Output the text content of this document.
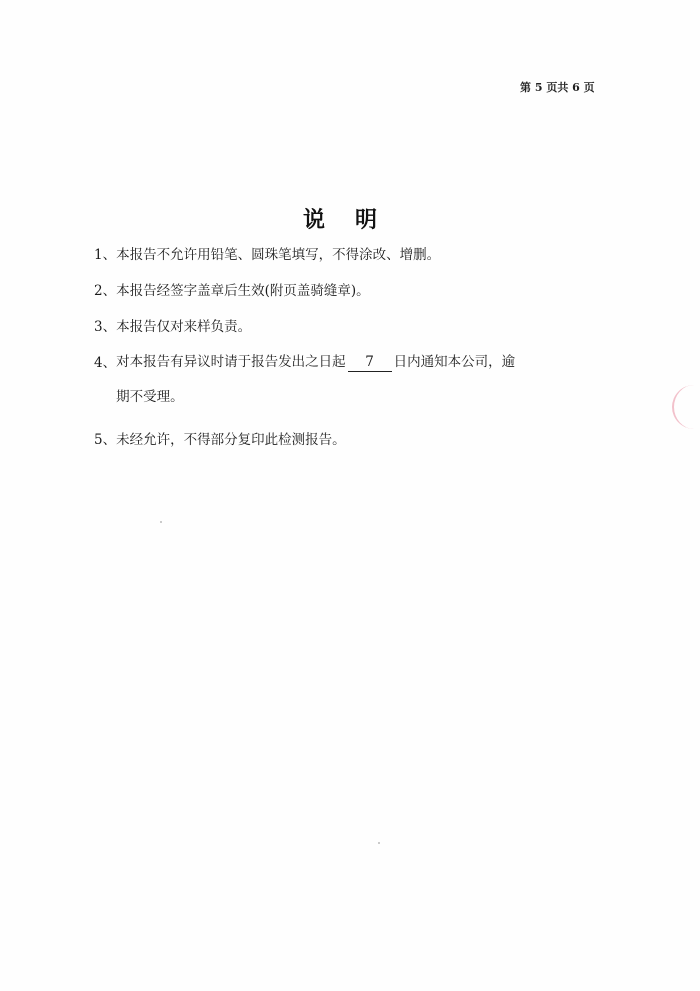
第 5 页共 6 页
说明
1、 本报告不允许用铅笔、圆珠笔填写，不得涂改、增删。
2、 本报告经签字盖章后生效(附页盖骑缝章)。
3、 本报告仅对来样负责。
4、 对本报告有异议时请于报告发出之日起 7 日内通知本公司，逾
期不受理。
5、 未经允许，不得部分复印此检测报告。
